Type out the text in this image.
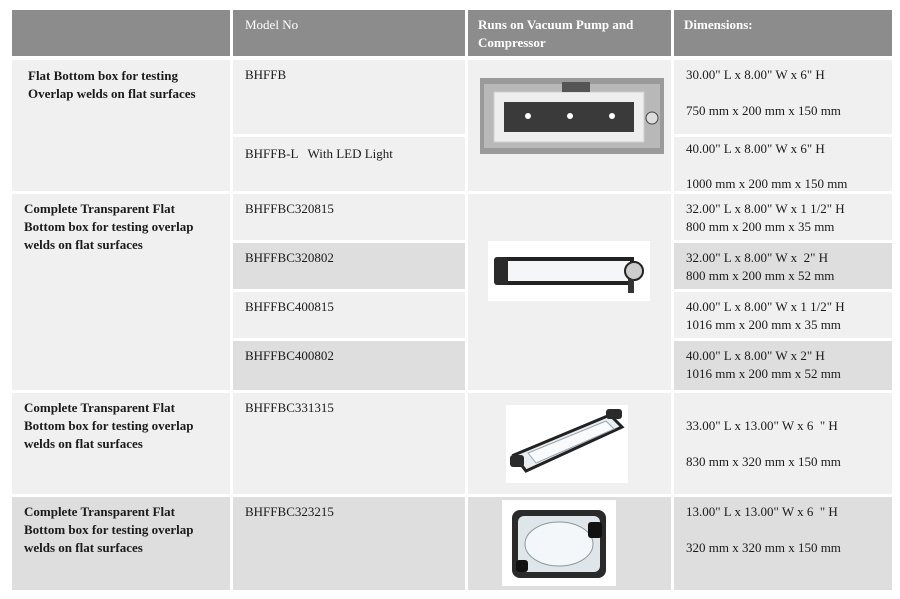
Model No	Runs on Vacuum Pump and Compressor
Dimensions:
Flat Bottom box for testing Overlap welds on flat surfaces
BHFFB
BHFFB-L   With LED Light
30.00" L x 8.00" W x 6" H
750 mm x 200 mm x 150 mm
40.00" L x 8.00" W x 6" H
1000 mm x 200 mm x 150 mm
Complete Transparent Flat Bottom box for testing overlap welds on flat surfaces
BHFFBC320815
BHFFBC320802
BHFFBC400815
BHFFBC400802
32.00" L x 8.00" W x 1 1/2" H
800 mm x 200 mm x 35 mm
32.00" L x 8.00" W x  2" H
800 mm x 200 mm x 52 mm
40.00" L x 8.00" W x 1 1/2" H
1016 mm x 200 mm x 35 mm
40.00" L x 8.00" W x 2" H
1016 mm x 200 mm x 52 mm
Complete Transparent Flat Bottom box for testing overlap welds on flat surfaces
BHFFBC331315
33.00" L x 13.00" W x 6  " H
830 mm x 320 mm x 150 mm
Complete Transparent Flat Bottom box for testing overlap welds on flat surfaces
BHFFBC323215	13.00" L x 13.00" W x 6  " H
320 mm x 320 mm x 150 mm
